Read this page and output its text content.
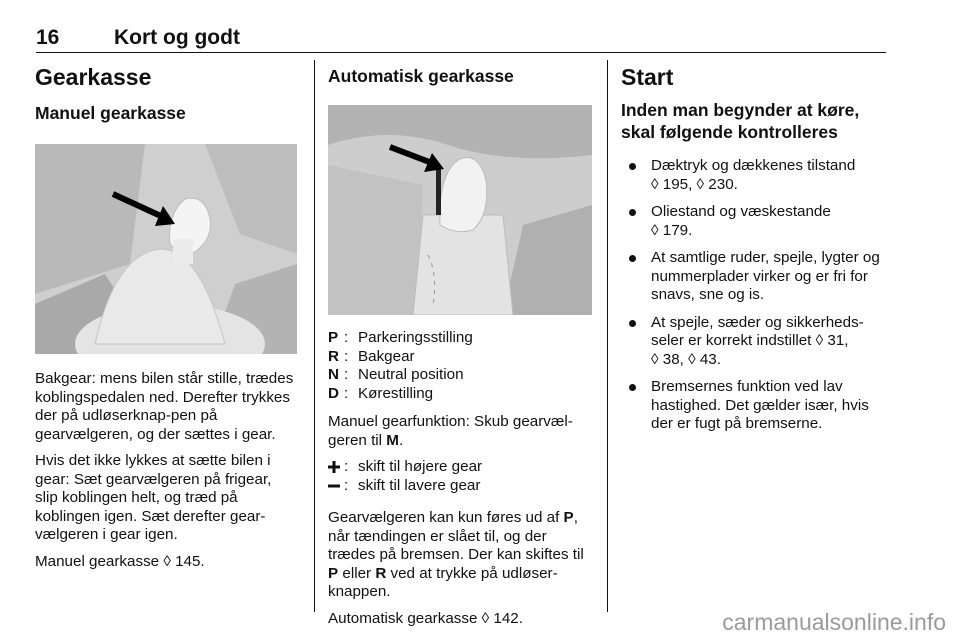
16	Kort og godt
Gearkasse
Manuel gearkasse

Bakgear: mens bilen står stille, trædes koblingspedalen ned. Derefter trykkes der på udløserknap-pen på gearvælgeren, og der sættes i gear.

Hvis det ikke lykkes at sætte bilen i gear: Sæt gearvælgeren på frigear, slip koblingen helt, og træd på koblingen igen. Sæt derefter gear-vælgeren i gear igen.

Manuel gearkasse ◊ 145.

Automatisk gearkasse
P : Parkeringsstilling
R : Bakgear
N : Neutral position
D : Kørestilling

Manuel gearfunktion: Skub gearvæl-geren til M.

: skift til højere gear
: skift til lavere gear

Gearvælgeren kan kun føres ud af P, når tændingen er slået til, og der trædes på bremsen. Der kan skiftes til P eller R ved at trykke på udløser-knappen.

Automatisk gearkasse ◊ 142.

Start
Inden man begynder at køre, skal følgende kontrolleres
Dæktryk og dækkenes tilstand
◊ 195, ◊ 230.
Oliestand og væskestande
◊ 179.
At samtlige ruder, spejle, lygter og nummerplader virker og er fri for snavs, sne og is.
At spejle, sæder og sikkerheds-seler er korrekt indstillet ◊ 31,
◊ 38, ◊ 43.
Bremsernes funktion ved lav hastighed. Det gælder især, hvis der er fugt på bremserne.
carmanualsonline.info
